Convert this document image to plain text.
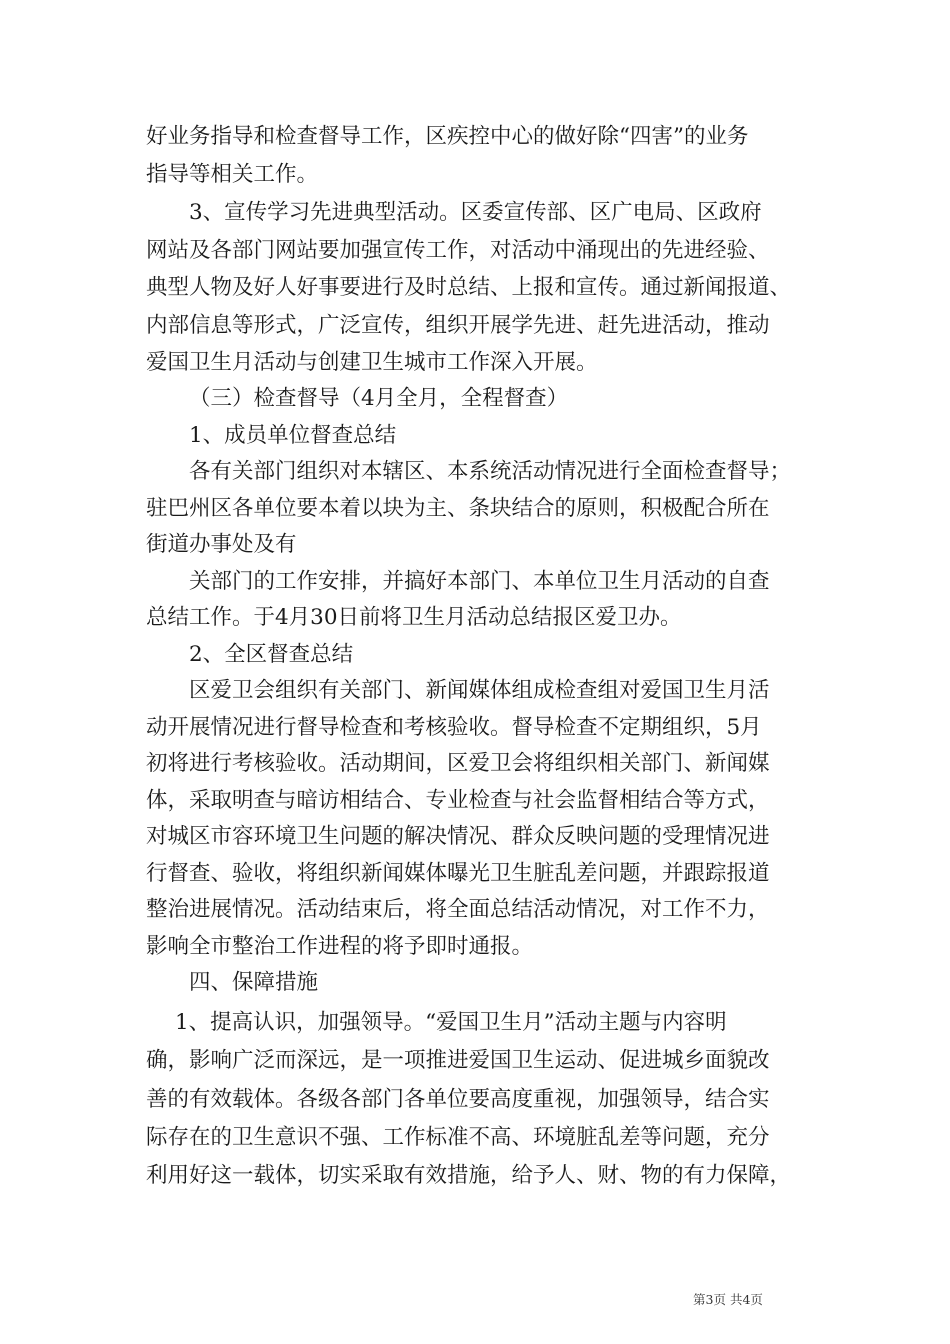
好业务指导和检查督导工作，区疾控中心的做好除“四害”的业务
指导等相关工作。
3、宣传学习先进典型活动。区委宣传部、区广电局、区政府
网站及各部门网站要加强宣传工作，对活动中涌现出的先进经验、
典型人物及好人好事要进行及时总结、上报和宣传。通过新闻报道、
内部信息等形式，广泛宣传，组织开展学先进、赶先进活动，推动
爱国卫生月活动与创建卫生城市工作深入开展。
（三）检查督导（4月全月，全程督查）
1、成员单位督查总结
各有关部门组织对本辖区、本系统活动情况进行全面检查督导；
驻巴州区各单位要本着以块为主、条块结合的原则，积极配合所在
街道办事处及有
关部门的工作安排，并搞好本部门、本单位卫生月活动的自查
总结工作。于4月30日前将卫生月活动总结报区爱卫办。
2、全区督查总结
区爱卫会组织有关部门、新闻媒体组成检查组对爱国卫生月活
动开展情况进行督导检查和考核验收。督导检查不定期组织，5月
初将进行考核验收。活动期间，区爱卫会将组织相关部门、新闻媒
体，采取明查与暗访相结合、专业检查与社会监督相结合等方式，
对城区市容环境卫生问题的解决情况、群众反映问题的受理情况进
行督查、验收，将组织新闻媒体曝光卫生脏乱差问题，并跟踪报道
整治进展情况。活动结束后，将全面总结活动情况，对工作不力，
影响全市整治工作进程的将予即时通报。
四、保障措施
1、提高认识，加强领导。“爱国卫生月”活动主题与内容明
确，影响广泛而深远，是一项推进爱国卫生运动、促进城乡面貌改
善的有效载体。各级各部门各单位要高度重视，加强领导，结合实
际存在的卫生意识不强、工作标准不高、环境脏乱差等问题，充分
利用好这一载体，切实采取有效措施，给予人、财、物的有力保障，
第3页 共4页
